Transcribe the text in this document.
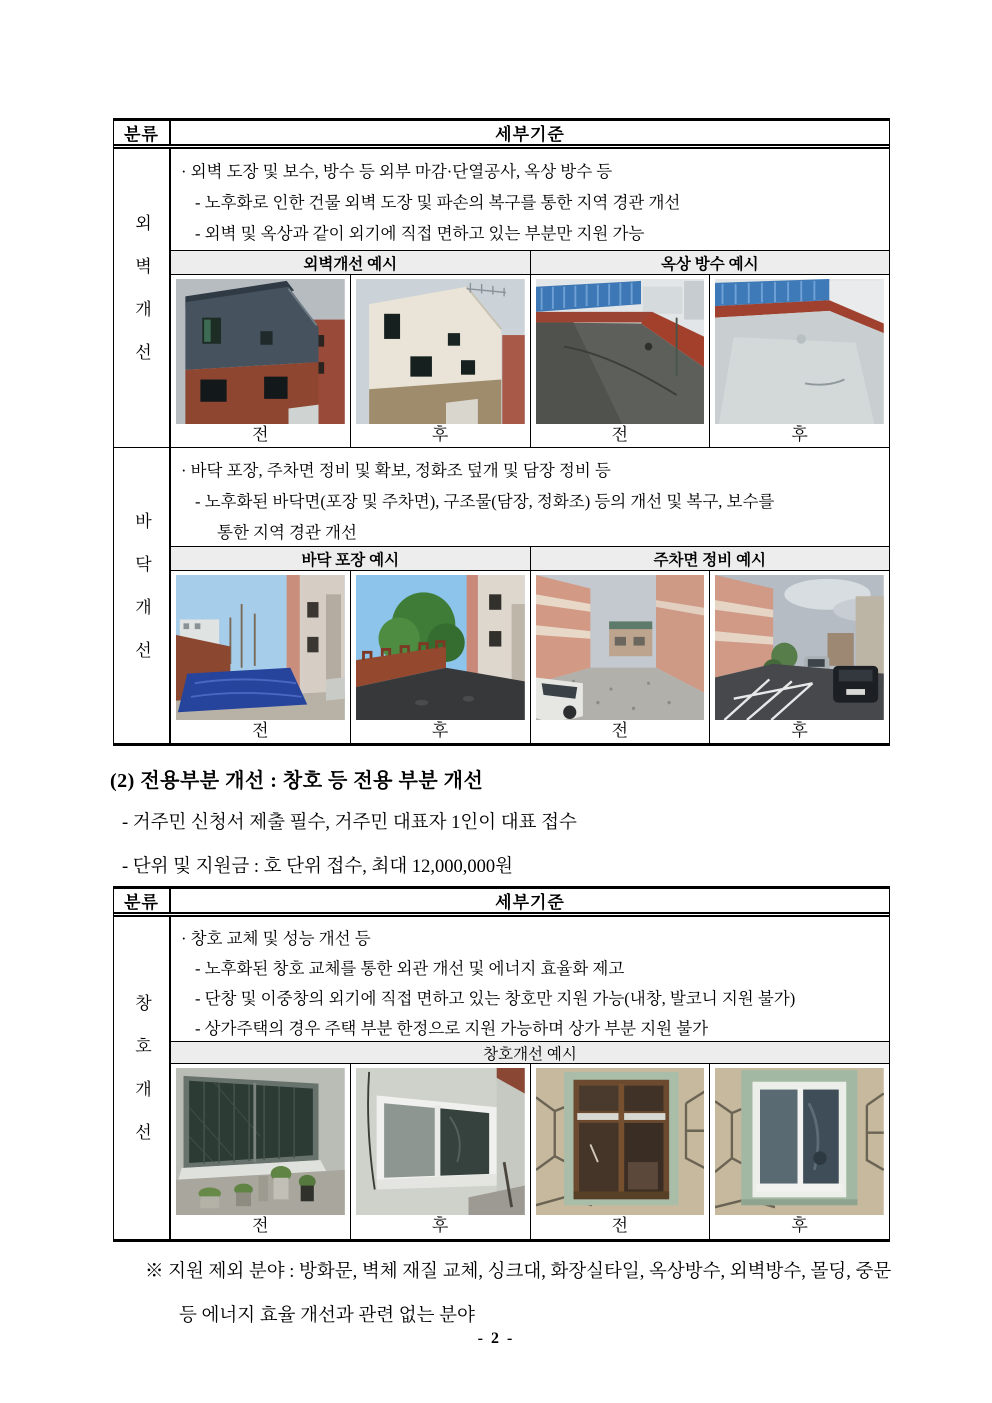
분류	세부기준
외벽개선
· 외벽 도장 및 보수, 방수 등 외부 마감·단열공사, 옥상 방수 등
- 노후화로 인한 건물 외벽 도장 및 파손의 복구를 통한 지역 경관 개선
- 외벽 및 옥상과 같이 외기에 직접 면하고 있는 부분만 지원 가능
외벽개선 예시	옥상 방수 예시
전	후	전	후
바닥개선
· 바닥 포장, 주차면 정비 및 확보, 정화조 덮개 및 담장 정비 등
- 노후화된 바닥면(포장 및 주차면), 구조물(담장, 정화조) 등의 개선 및 복구, 보수를
통한 지역 경관 개선
바닥 포장 예시	주차면 정비 예시
전	후	전	후
(2) 전용부분 개선 : 창호 등 전용 부분 개선
- 거주민 신청서 제출 필수, 거주민 대표자 1인이 대표 접수
- 단위 및 지원금 : 호 단위 접수, 최대 12,000,000원
분류	세부기준
창호개선
· 창호 교체 및 성능 개선 등
- 노후화된 창호 교체를 통한 외관 개선 및 에너지 효율화 제고
- 단창 및 이중창의 외기에 직접 면하고 있는 창호만 지원 가능(내창, 발코니 지원 불가)
- 상가주택의 경우 주택 부분 한정으로 지원 가능하며 상가 부분 지원 불가
창호개선 예시
전	후	전	후
※ 지원 제외 분야 : 방화문, 벽체 재질 교체, 싱크대, 화장실타일, 옥상방수, 외벽방수, 몰딩, 중문 등 에너지 효율 개선과 관련 없는 분야
- 2 -
